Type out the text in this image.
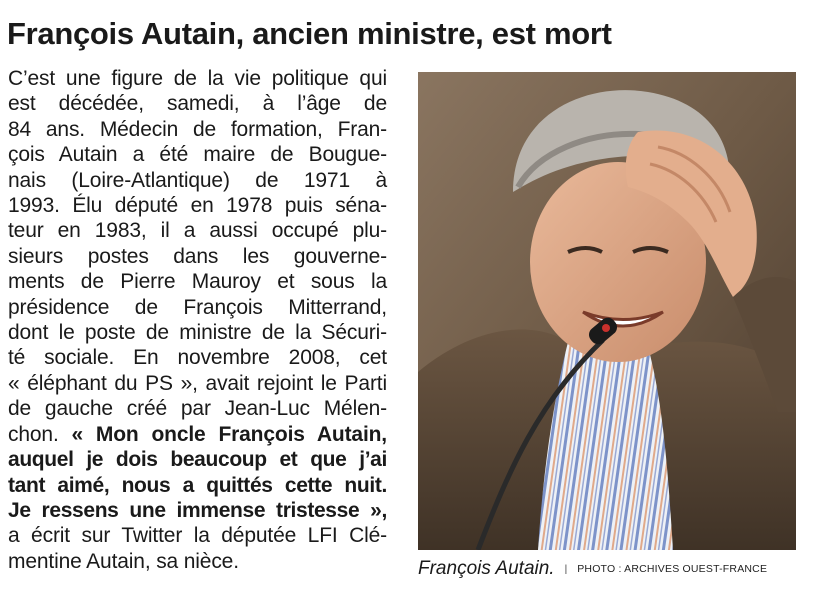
François Autain, ancien ministre, est mort
C’est une figure de la vie politique qui
est décédée, samedi, à l’âge de
84 ans. Médecin de formation, Fran-
çois Autain a été maire de Bougue-
nais (Loire-Atlantique) de 1971 à
1993. Élu député en 1978 puis séna-
teur en 1983, il a aussi occupé plu-
sieurs postes dans les gouverne-
ments de Pierre Mauroy et sous la
présidence de François Mitterrand,
dont le poste de ministre de la Sécuri-
té sociale. En novembre 2008, cet
« éléphant du PS », avait rejoint le Parti
de gauche créé par Jean-Luc Mélen-
chon. « Mon oncle François Autain,
auquel je dois beaucoup et que j’ai
tant aimé, nous a quittés cette nuit.
Je ressens une immense tristesse »,
a écrit sur Twitter la députée LFI Clé-
mentine Autain, sa nièce.	François Autain. | PHOTO : ARCHIVES OUEST-FRANCE
